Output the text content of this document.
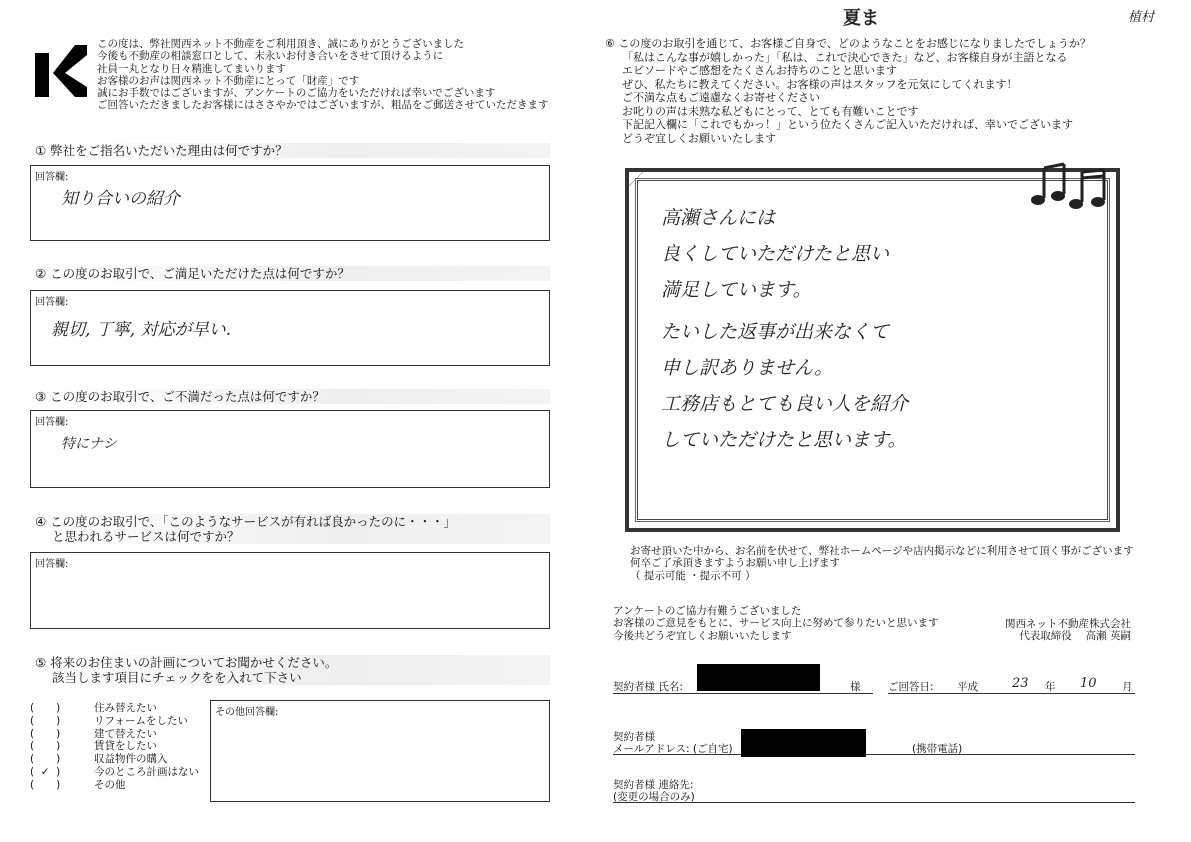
この度は、弊社関西ネット不動産をご利用頂き、誠にありがとうございました
今後も不動産の相談窓口として、末永いお付き合いをさせて頂けるように
社員一丸となり日々精進してまいります
お客様のお声は関西ネット不動産にとって「財産」です
誠にお手数ではございますが、アンケートのご協力をいただければ幸いでございます
ご回答いただきましたお客様にはささやかではございますが、粗品をご郵送させていただきます
① 弊社をご指名いただいた理由は何ですか？
回答欄:
知り合いの紹介
② この度のお取引で、ご満足いただけた点は何ですか？
回答欄:
親切, 丁寧, 対応が早い.
③ この度のお取引で、ご不満だった点は何ですか？
回答欄:
特にナシ
④ この度のお取引で、「このようなサービスが有れば良かったのに・・・」
と思われるサービスは何ですか？
回答欄:
⑤ 将来のお住まいの計画についてお聞かせください。
該当します項目にチェックをを入れて下さい
( )	住み替えたい
( )	リフォームをしたい
( )	建て替えたい
( )	賃貸をしたい
( )	収益物件の購入
( ✓ )	今のところ計画はない
( )	その他
その他回答欄:
夏ま	植村
⑥ この度のお取引を通じて、お客様ご自身で、どのようなことをお感じになりましたでしょうか？
「私はこんな事が嬉しかった」「私は、これで決心できた」など、お客様自身が主語となる
エピソードやご感想をたくさんお持ちのことと思います
ぜひ、私たちに教えてください。お客様の声はスタッフを元気にしてくれます！
ご不満な点もご遠慮なくお寄せください
お叱りの声は未熟な私どもにとって、とても有難いことです
下記記入欄に「これでもかっ！」という位たくさんご記入いただければ、幸いでございます
どうぞ宜しくお願いいたします
高瀬さんには
良くしていただけたと思い
満足しています。
たいした返事が出来なくて
申し訳ありません。
工務店もとても良い人を紹介
していただけたと思います。
お寄せ頂いた中から、お名前を伏せて、弊社ホームページや店内掲示などに利用させて頂く事がございます
何卒ご了承頂きますようお願い申し上げます
（ 提示可能 ・提示不可 ）
アンケートのご協力有難うございました
お客様のご意見をもとに、サービス向上に努めて参りたいと思います
今後共どうぞ宜しくお願いいたします
関西ネット不動産株式会社
代表取締役　 高瀬 英嗣
契約者様 氏名:	様	ご回答日: 平成	23 年 10 月
契約者様
メールアドレス: (ご自宅)	(携帯電話)
契約者様 連絡先:
(変更の場合のみ)
